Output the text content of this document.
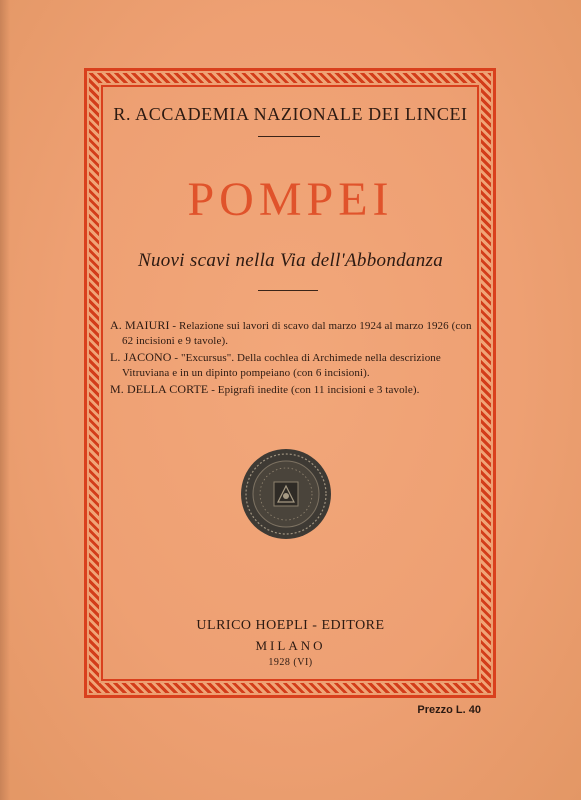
R. ACCADEMIA NAZIONALE DEI LINCEI
POMPEI
Nuovi scavi nella Via dell'Abbondanza
A. MAIURI - Relazione sui lavori di scavo dal marzo 1924 al marzo 1926 (con 62 incisioni e 9 tavole).
L. JACONO - "Excursus". Della cochlea di Archimede nella descrizione Vitruviana e in un dipinto pompeiano (con 6 incisioni).
M. DELLA CORTE - Epigrafi inedite (con 11 incisioni e 3 tavole).
ULRICO HOEPLI - EDITORE
MILANO
1928 (VI)
Prezzo L. 40
